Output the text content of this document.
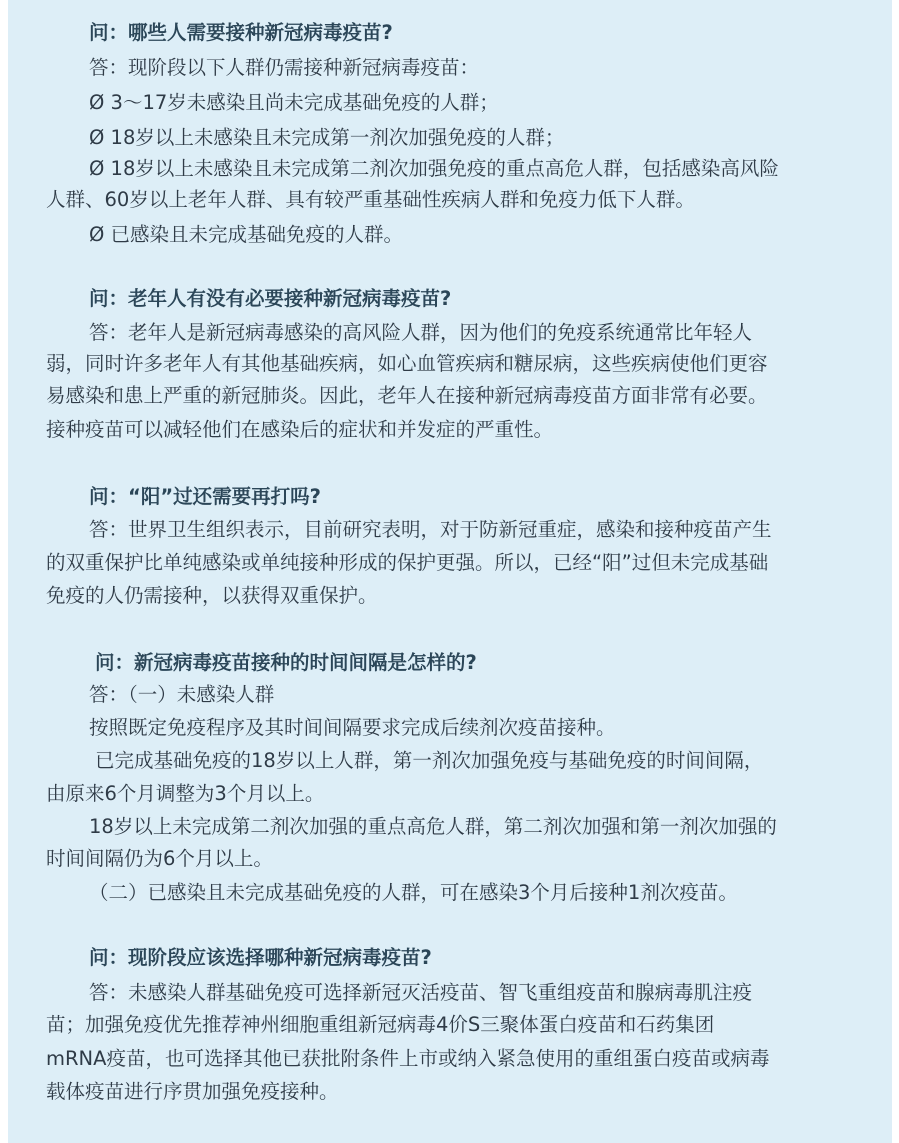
问：哪些人需要接种新冠病毒疫苗?
答：现阶段以下人群仍需接种新冠病毒疫苗：
Ø 3～17岁未感染且尚未完成基础免疫的人群；
Ø 18岁以上未感染且未完成第一剂次加强免疫的人群；
Ø 18岁以上未感染且未完成第二剂次加强免疫的重点高危人群，包括感染高风险
人群、60岁以上老年人群、具有较严重基础性疾病人群和免疫力低下人群。
Ø 已感染且未完成基础免疫的人群。
问：老年人有没有必要接种新冠病毒疫苗?
答：老年人是新冠病毒感染的高风险人群，因为他们的免疫系统通常比年轻人
弱，同时许多老年人有其他基础疾病，如心血管疾病和糖尿病，这些疾病使他们更容
易感染和患上严重的新冠肺炎。因此，老年人在接种新冠病毒疫苗方面非常有必要。
接种疫苗可以减轻他们在感染后的症状和并发症的严重性。
问：“阳”过还需要再打吗?
答：世界卫生组织表示，目前研究表明，对于防新冠重症，感染和接种疫苗产生
的双重保护比单纯感染或单纯接种形成的保护更强。所以，已经“阳”过但未完成基础
免疫的人仍需接种，以获得双重保护。
问：新冠病毒疫苗接种的时间间隔是怎样的?
答：（一）未感染人群
按照既定免疫程序及其时间间隔要求完成后续剂次疫苗接种。
已完成基础免疫的18岁以上人群，第一剂次加强免疫与基础免疫的时间间隔，
由原来6个月调整为3个月以上。
18岁以上未完成第二剂次加强的重点高危人群，第二剂次加强和第一剂次加强的
时间间隔仍为6个月以上。
（二）已感染且未完成基础免疫的人群，可在感染3个月后接种1剂次疫苗。
问：现阶段应该选择哪种新冠病毒疫苗?
答：未感染人群基础免疫可选择新冠灭活疫苗、智飞重组疫苗和腺病毒肌注疫
苗；加强免疫优先推荐神州细胞重组新冠病毒4价S三聚体蛋白疫苗和石药集团
mRNA疫苗，也可选择其他已获批附条件上市或纳入紧急使用的重组蛋白疫苗或病毒
载体疫苗进行序贯加强免疫接种。
